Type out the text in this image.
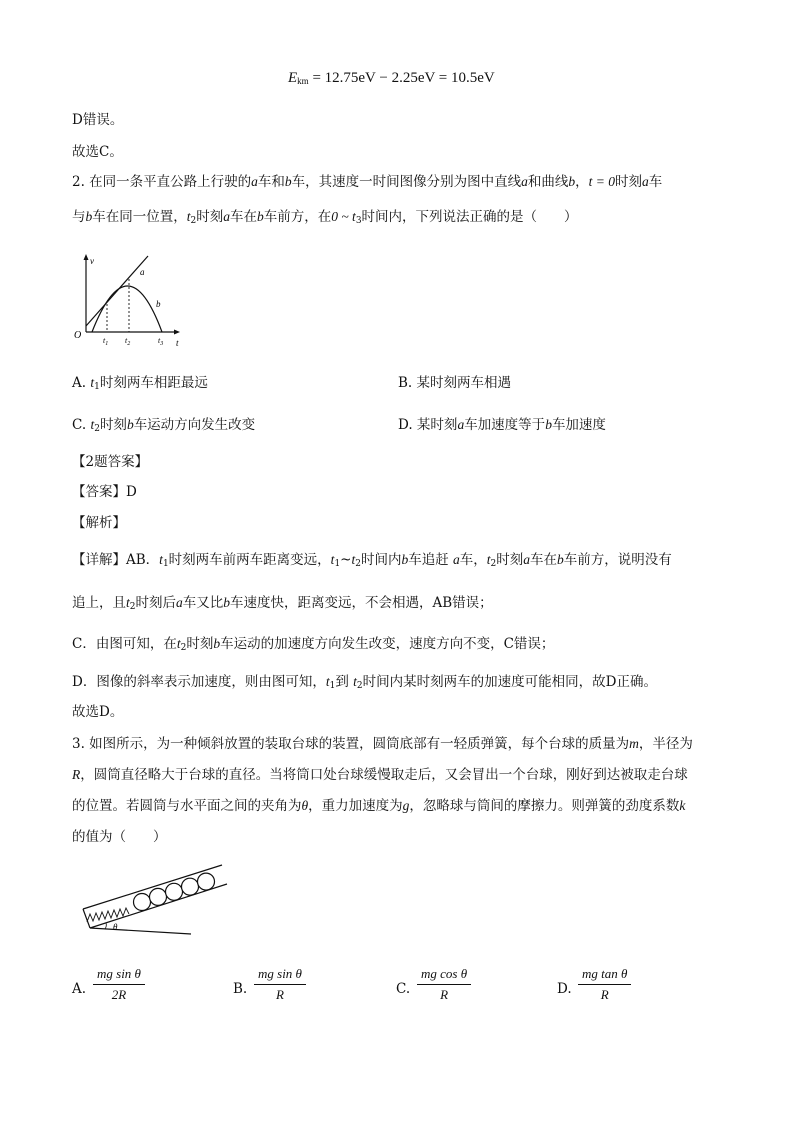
$E_{km} = 12.75eV - 2.25eV = 10.5eV$
D错误。
故选C。
2. 在同一条平直公路上行驶的a车和b车，其速度一时间图像分别为图中直线a和曲线b，t = 0时刻a车
与b车在同一位置，$t_2$时刻a车在b车前方，在0 ~ $t_3$时间内，下列说法正确的是（　　）
v
t
O
a
b
$t_1$ $t_2$	$t_3$
A. $t_1$时刻两车相距最远	B. 某时刻两车相遇
C. $t_2$时刻b车运动方向发生改变	D. 某时刻a车加速度等于b车加速度
【2题答案】
【答案】D
【解析】
【详解】AB．$t_1$时刻两车前两车距离变远，$t_1\sim t_2$时间内b车追赶 a车，$t_2$时刻a车在b车前方，说明没有
追上，且$t_2$时刻后a车又比b车速度快，距离变远，不会相遇，AB错误；
C．由图可知，在$t_2$时刻b车运动的加速度方向发生改变，速度方向不变，C错误；
D．图像的斜率表示加速度，则由图可知，$t_1$到 $t_2$时间内某时刻两车的加速度可能相同，故D正确。
故选D。
3. 如图所示，为一种倾斜放置的装取台球的装置，圆筒底部有一轻质弹簧，每个台球的质量为m，半径为
R，圆筒直径略大于台球的直径。当将筒口处台球缓慢取走后，又会冒出一个台球，刚好到达被取走台球
的位置。若圆筒与水平面之间的夹角为θ，重力加速度为g，忽略球与筒间的摩擦力。则弹簧的劲度系数k
的值为（　　）
θ
A. $\frac{\text{mg sin θ}}{2R}$	B. $\frac{\text{mg sin θ}}{R}$	C. $\frac{\text{mg cos θ}}{R}$	D. $\frac{\text{mg tan θ}}{R}$
